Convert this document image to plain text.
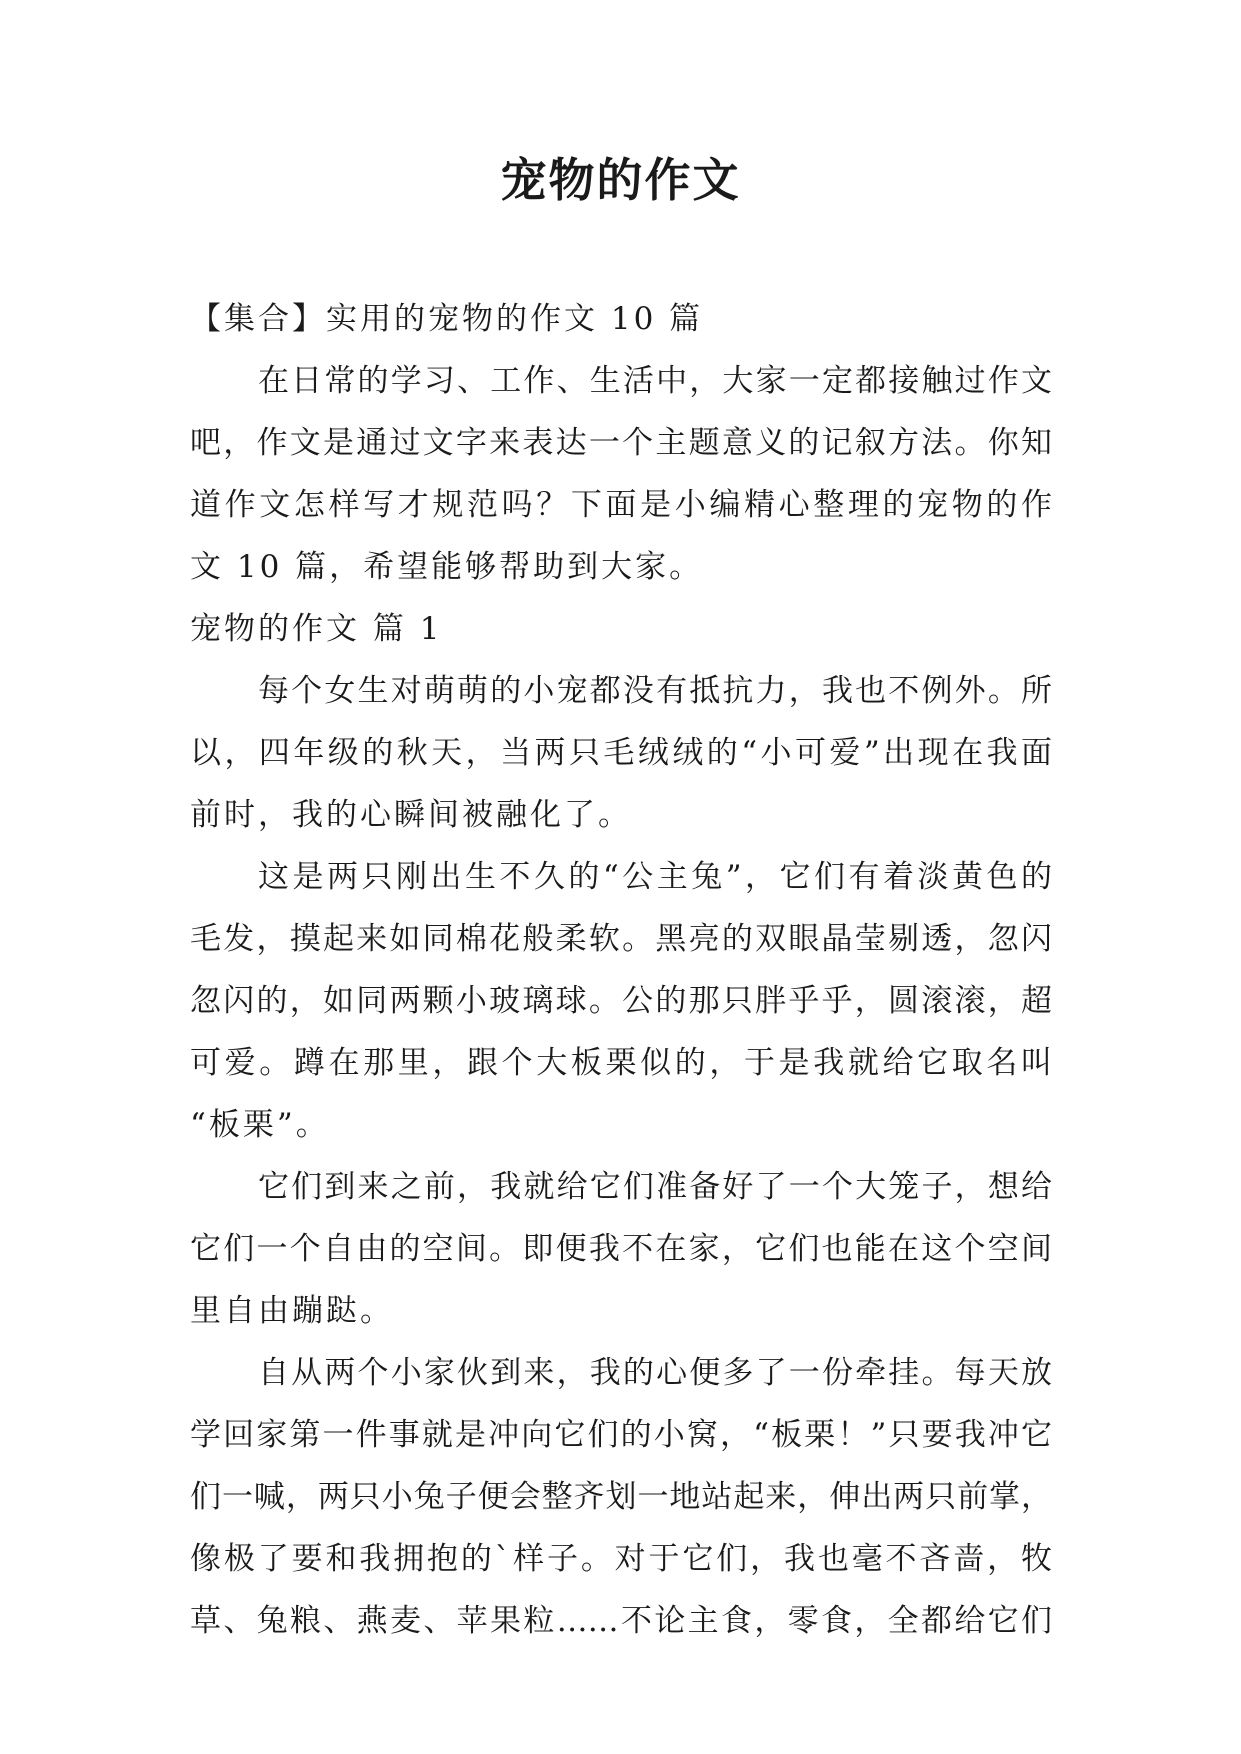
宠物的作文
【集合】实用的宠物的作文 10 篇
在日常的学习、工作、生活中，大家一定都接触过作文
吧，作文是通过文字来表达一个主题意义的记叙方法。你知
道作文怎样写才规范吗？下面是小编精心整理的宠物的作
文 10 篇，希望能够帮助到大家。
宠物的作文 篇 1
每个女生对萌萌的小宠都没有抵抗力，我也不例外。所
以，四年级的秋天，当两只毛绒绒的“小可爱”出现在我面
前时，我的心瞬间被融化了。
这是两只刚出生不久的“公主兔”，它们有着淡黄色的
毛发，摸起来如同棉花般柔软。黑亮的双眼晶莹剔透，忽闪
忽闪的，如同两颗小玻璃球。公的那只胖乎乎，圆滚滚，超
可爱。蹲在那里，跟个大板栗似的，于是我就给它取名叫
“板栗”。
它们到来之前，我就给它们准备好了一个大笼子，想给
它们一个自由的空间。即便我不在家，它们也能在这个空间
里自由蹦跶。
自从两个小家伙到来，我的心便多了一份牵挂。每天放
学回家第一件事就是冲向它们的小窝，“板栗！”只要我冲它
们一喊，两只小兔子便会整齐划一地站起来，伸出两只前掌，
像极了要和我拥抱的`样子。对于它们，我也毫不吝啬，牧
草、兔粮、燕麦、苹果粒……不论主食，零食，全都给它们
